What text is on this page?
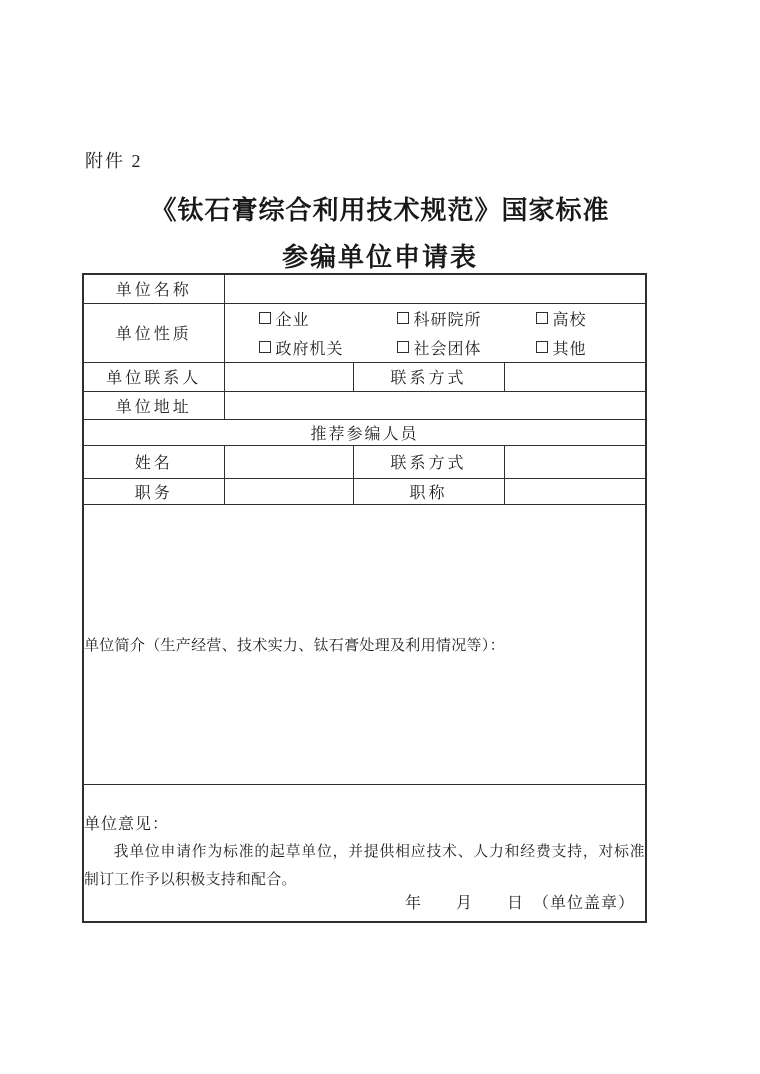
附件 2
《钛石膏综合利用技术规范》国家标准
参编单位申请表
单位名称			
单位性质	
企业	科研院所	高校
政府机关	社会团体	其他

单位联系人		联系方式	
单位地址			
推荐参编人员			
姓名		联系方式	
职务		职称	

单位简介（生产经营、技术实力、钛石膏处理及利用情况等）：			

单位意见：
我单位申请作为标准的起草单位，并提供相应技术、人力和经费支持，对标准制订工作予以积极支持和配合。
年　　月　　日　（单位盖章）			
